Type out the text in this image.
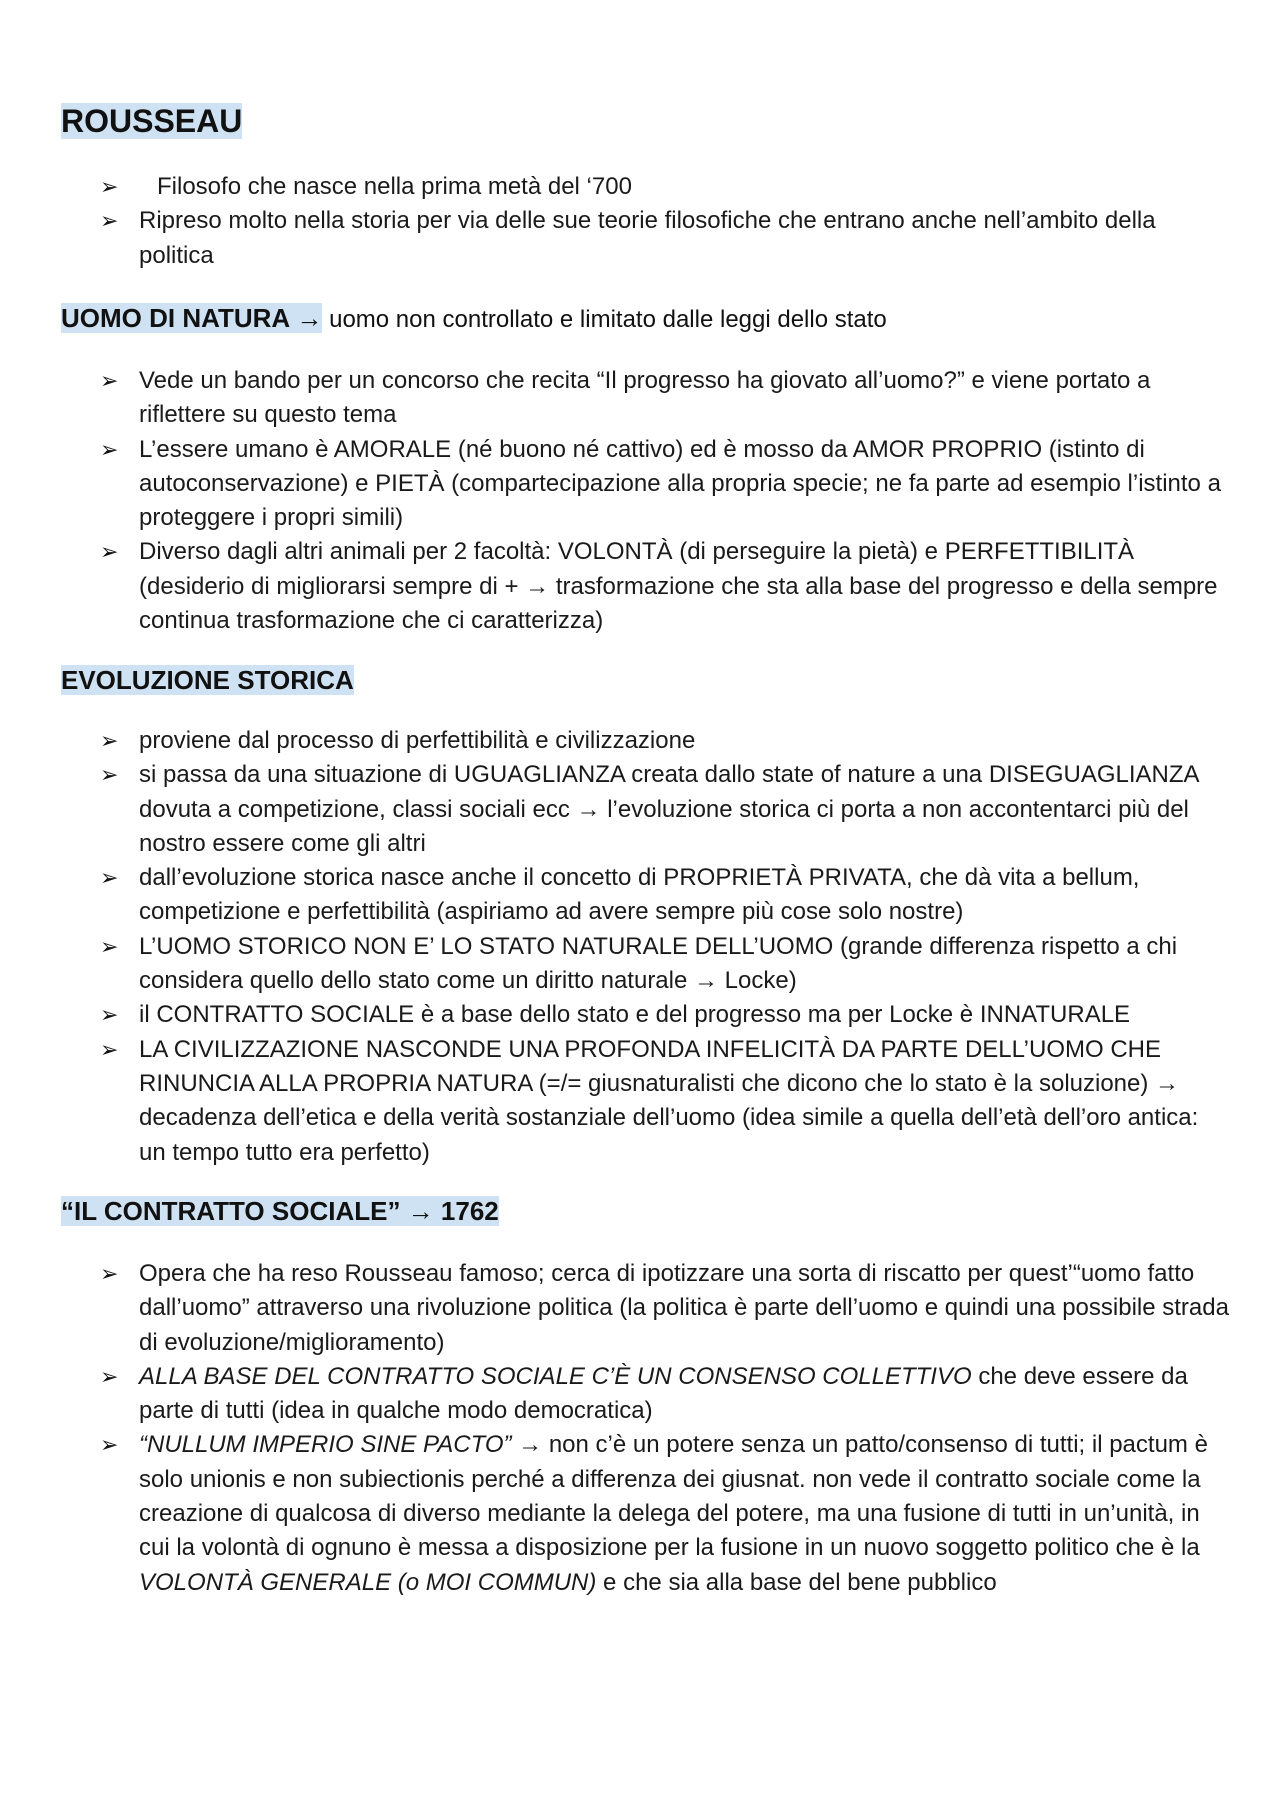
ROUSSEAU
➢ Filosofo che nasce nella prima metà del ‘700
➢ Ripreso molto nella storia per via delle sue teorie filosofiche che entrano anche nell’ambito della politica
UOMO DI NATURA → uomo non controllato e limitato dalle leggi dello stato
➢ Vede un bando per un concorso che recita “Il progresso ha giovato all’uomo?” e viene portato a riflettere su questo tema
➢ L’essere umano è AMORALE (né buono né cattivo) ed è mosso da AMOR PROPRIO (istinto di autoconservazione) e PIETÀ (compartecipazione alla propria specie; ne fa parte ad esempio l’istinto a proteggere i propri simili)
➢ Diverso dagli altri animali per 2 facoltà: VOLONTÀ (di perseguire la pietà) e PERFETTIBILITÀ (desiderio di migliorarsi sempre di + → trasformazione che sta alla base del progresso e della sempre continua trasformazione che ci caratterizza)
EVOLUZIONE STORICA
➢ proviene dal processo di perfettibilità e civilizzazione
➢ si passa da una situazione di UGUAGLIANZA creata dallo state of nature a una DISEGUAGLIANZA dovuta a competizione, classi sociali ecc → l’evoluzione storica ci porta a non accontentarci più del nostro essere come gli altri
➢ dall’evoluzione storica nasce anche il concetto di PROPRIETÀ PRIVATA, che dà vita a bellum, competizione e perfettibilità (aspiriamo ad avere sempre più cose solo nostre)
➢ L’UOMO STORICO NON E’ LO STATO NATURALE DELL’UOMO (grande differenza rispetto a chi considera quello dello stato come un diritto naturale → Locke)
➢ il CONTRATTO SOCIALE è a base dello stato e del progresso ma per Locke è INNATURALE
➢ LA CIVILIZZAZIONE NASCONDE UNA PROFONDA INFELICITÀ DA PARTE DELL’UOMO CHE RINUNCIA ALLA PROPRIA NATURA (=/= giusnaturalisti che dicono che lo stato è la soluzione) → decadenza dell’etica e della verità sostanziale dell’uomo (idea simile a quella dell’età dell’oro antica: un tempo tutto era perfetto)
“IL CONTRATTO SOCIALE” → 1762
➢ Opera che ha reso Rousseau famoso; cerca di ipotizzare una sorta di riscatto per quest’“uomo fatto dall’uomo” attraverso una rivoluzione politica (la politica è parte dell’uomo e quindi una possibile strada di evoluzione/miglioramento)
➢ ALLA BASE DEL CONTRATTO SOCIALE C’È UN CONSENSO COLLETTIVO che deve essere da parte di tutti (idea in qualche modo democratica)
➢ “NULLUM IMPERIO SINE PACTO” → non c’è un potere senza un patto/consenso di tutti; il pactum è solo unionis e non subiectionis perché a differenza dei giusnat. non vede il contratto sociale come la creazione di qualcosa di diverso mediante la delega del potere, ma una fusione di tutti in un’unità, in cui la volontà di ognuno è messa a disposizione per la fusione in un nuovo soggetto politico che è la VOLONTÀ GENERALE (o MOI COMMUN) e che sia alla base del bene pubblico
